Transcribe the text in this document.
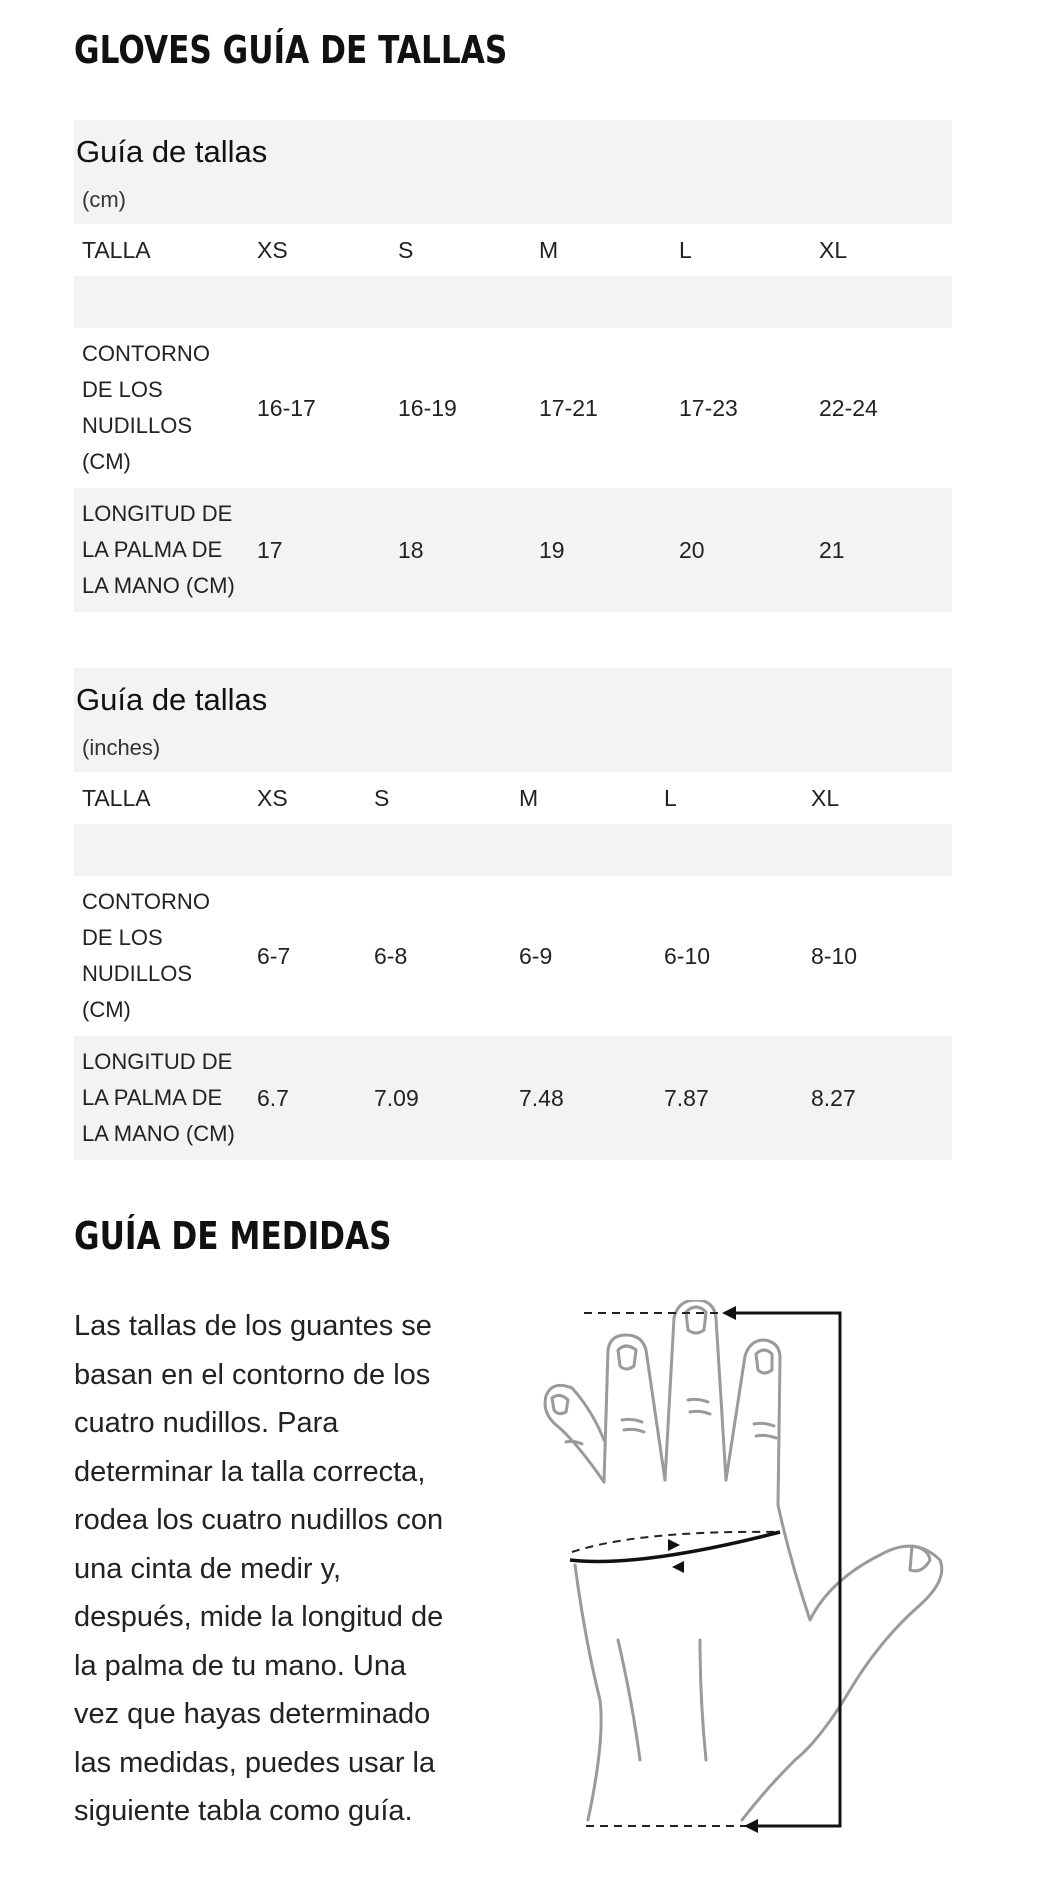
GLOVES GUÍA DE TALLAS
Guía de tallas					
(cm)					
TALLA	XS	S	M	L	XL

CONTORNO
DE LOS
NUDILLOS
(CM)	16-17	16-19	17-21	17-23	22-24

LONGITUD DE
LA PALMA DE
LA MANO (CM)	17	18	19	20	21
Guía de tallas					
(inches)					
TALLA	XS	S	M	L	XL

CONTORNO
DE LOS
NUDILLOS
(CM)	6-7	6-8	6-9	6-10	8-10

LONGITUD DE
LA PALMA DE
LA MANO (CM)	6.7	7.09	7.48	7.87	8.27
GUÍA DE MEDIDAS
Las tallas de los guantes se
basan en el contorno de los
cuatro nudillos. Para
determinar la talla correcta,
rodea los cuatro nudillos con
una cinta de medir y,
después, mide la longitud de
la palma de tu mano. Una
vez que hayas determinado
las medidas, puedes usar la
siguiente tabla como guía.
